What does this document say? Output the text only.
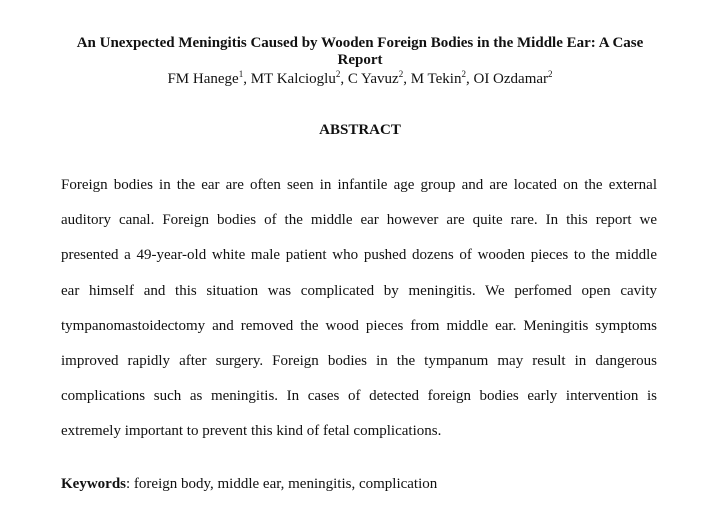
An Unexpected Meningitis Caused by Wooden Foreign Bodies in the Middle Ear: A Case
Report
FM Hanege$^1$, MT Kalcioglu$^2$, C Yavuz$^2$, M Tekin$^2$, OI Ozdamar$^2$
ABSTRACT
Foreign bodies in the ear are often seen in infantile age group and are located on the external
auditory canal. Foreign bodies of the middle ear however are quite rare. In this report we
presented a 49-year-old white male patient who pushed dozens of wooden pieces to the middle
ear himself and this situation was complicated by meningitis. We perfomed open cavity
tympanomastoidectomy and removed the wood pieces from middle ear. Meningitis symptoms
improved rapidly after surgery. Foreign bodies in the tympanum may result in dangerous
complications such as meningitis. In cases of detected foreign bodies early intervention is
extremely important to prevent this kind of fetal complications.
Keywords: foreign body, middle ear, meningitis, complication
